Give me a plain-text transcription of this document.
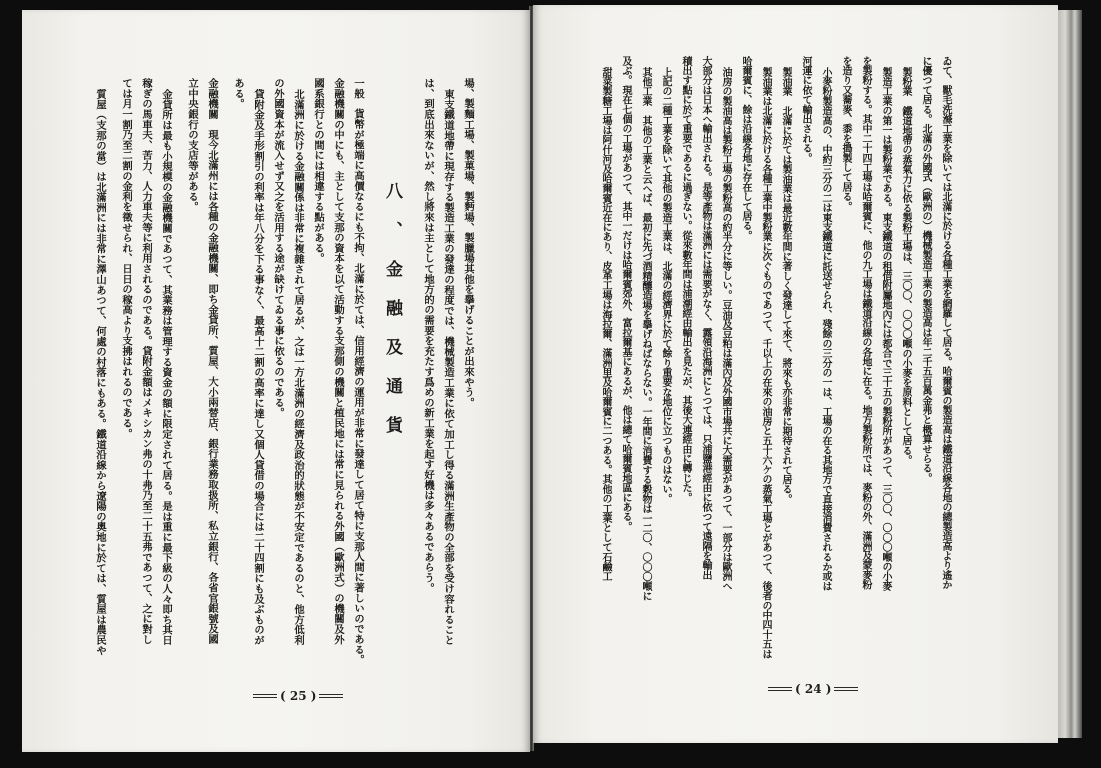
場、製麵工場、製菓場、製麪場、製臘場其他を擧げることが出來やう。
東支鐵道地帶に現存する製造工業の發達の程度では、機械製造工業に依て加工し得る滿洲生產物の全部を受け容れること
は、到底出來ないが、然し將來は主として地方的の需要を充たす爲めの新工業を起す好機は多々あるであらう。
八、金融及通貨
一般貨幣が極端に高價なるにも不拘、北滿に於ては、信用經濟の運用が非常に發達して居て特に支那人間に著しいのである。
金融機關の中にも、主として支那の資本を以て活動する支那側の機關と植民地には常に見られる外國（歐洲式）の機關及外
國系銀行との間には相違する點がある。
北滿洲に於ける金融關係は非常に複雜されて居るが、之は一方北滿洲の經濟及政治的狀態が不安定であるのと、他方低利
の外國資本が流入せず又之を活用する途が缺けてゐる事に依るのである。
貸附金及手形割引の利率は年八分を下る事なく、最高十二割の高率に達し又個人貸借の場合には二十四割にも及ぶものが
ある。
金融機關現今北滿州には各種の金融機關、即ち金貸所、質屋、大小兩替店、銀行業務取扱所、私立銀行、各省官銀號及國
立中央銀行の支店等がある。
金貸所は最も小規模の金融機關であつて、其業務は管理する資金の額に限定されて居る。是は重に最下級の人々即ち其日
稼ぎの馬車夫、苦力、人力車夫等に利用されるのである。貸附金額はメキシカン弗の十弗乃至二十五弗であつて、之に對し
ては月一割乃至二割の金利を徵せられ、日日の稼高より支拂はれるのである。
質屋（支那の當）は北滿洲には非常に澤山あつて、何處の村落にもある。鐵道沿線から遼陽の奧地に於ては、質屋は農民や
( 25 )
ゐて、獸毛洗滌工業を除いては北滿に於ける各種工業を網羅して居る。哈爾賓の製造高は鐵道沿線各地の總製造高より遙か
に優つて居る。北滿の外國式（歐洲の）機械製造工業の製造高は年二千五百萬金弗と概算せらる。
製粉業鐵道地帶の蒸氣力に依る製粉工場は、三〇〇、〇〇〇噸の小麥を原料として居る。
製造工業の第一は製粉業である。東支鐵道の租借附屬地內には都合で三十五の製粉所があつて、三〇〇、〇〇〇噸の小麥
を製粉する。其中二十四工場は哈爾賓に、他の九工場は鐵道沿線の各地に在る。地方製粉所では、麥粉の外、滿洲及蒙麥粉
を造り又蕎麥、黍を搗製して居る。
小麥粉製造高の、中約三分の二は東支鐵道に託送せられ、殘餘の三分の一は、工場の在る其地方で直接消費されるか或は
河運に依て輸出される。
製油業北滿に於ては製油業は最近數年間に著しく發達して來て、將來も亦非常に期待されて居る。
製油業は北滿に於ける各種工業中製粉業に次ぐものであつて、千以上の在來の油房と五十六ケの蒸氣工場とがあつて、後者の中四十五は
哈爾賓に、餘は沿線各地に存在して居る。
油房の製油高は製粉工場の製粉高の約半分に等しい。豆油及豆粕は滿內及外國市場共に大需要があつて、一部分は歐洲へ
大部分は日本へ輸出される。是等產物は滿洲には需要がなく、露領沿海洲にとつては、只浦鹽港經由に依つて遠隔を輸出
積出す點に於て重要であるに過ぎない。從來數年間は浦潮經由輸出を見たが、其後大連經由に轉じた。
上記の二種工業を除いて其他の製造工業は、北滿の經濟界に於て餘り重要な地位に立つものはない。
其他工業其他の工業と云へば、最初に先づ酒精釀造場を擧げねばならない。一年間に消費する穀物は一二〇、〇〇〇噸に
及ぶ。現在七個の工場があつて、其中一だけは哈爾賓郊外、富拉爾基にあるが、他は總て哈爾賓地區にある。
甜菜製糖工場は阿什河及哈爾賓近在にあり、皮革工場は海拉爾、滿洲里及哈爾賓に二つある。其他の工業として石鹼工
( 24 )
